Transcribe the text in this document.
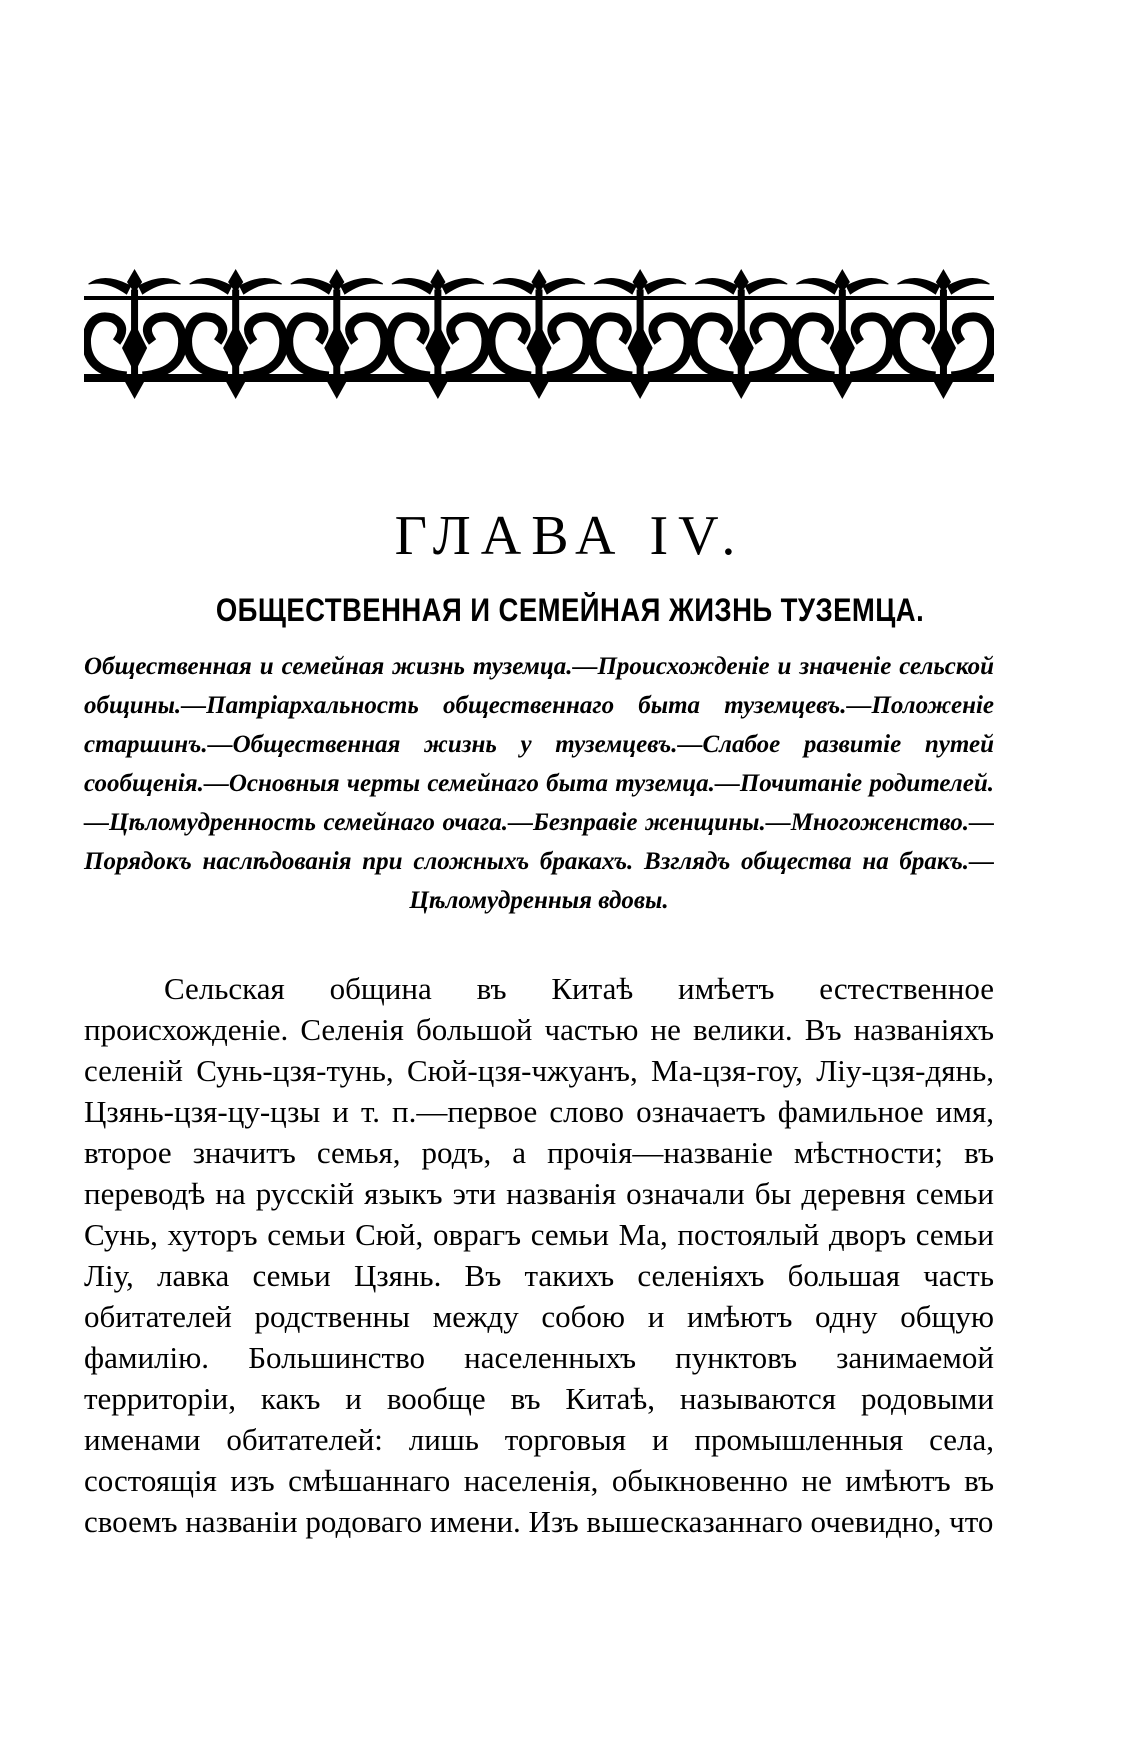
ГЛАВА IV.
ОБЩЕСТВЕННАЯ И СЕМЕЙНАЯ ЖИЗНЬ ТУЗЕМЦА.
Общественная и семейная жизнь туземца.—Происхожденіе и значеніе сельской общины.—Патріархальность общественнаго быта туземцевъ.—Положеніе старшинъ.—Общественная жизнь у туземцевъ.—Слабое развитіе путей сообщенія.—Основныя черты семейнаго быта туземца.—Почитаніе родителей. —Цѣломудренность семейнаго очага.—Безправіе женщины.—Многоженство.—Порядокъ наслѣдованія при сложныхъ бракахъ. Взглядъ общества на бракъ.—Цѣломудренныя вдовы.
Сельская община въ Китаѣ имѣетъ естественное происхожденіе. Селенія большой частью не велики. Въ названіяхъ селеній Сунь-цзя-тунь, Сюй-цзя-чжуанъ, Ма-цзя-гоу, Ліу-цзя-дянь, Цзянь-цзя-цу-цзы и т. п.—первое слово означаетъ фамильное имя, второе значитъ семья, родъ, а прочія—названіе мѣстности; въ переводѣ на русскій языкъ эти названія означали бы деревня семьи Сунь, хуторъ семьи Сюй, оврагъ семьи Ма, постоялый дворъ семьи Ліу, лавка семьи Цзянь. Въ такихъ селеніяхъ большая часть обитателей родственны между собою и имѣютъ одну общую фамилію. Большинство населенныхъ пунктовъ занимаемой территоріи, какъ и вообще въ Китаѣ, называются родовыми именами обитателей: лишь торговыя и промышленныя села, состоящія изъ смѣшаннаго населенія, обыкновенно не имѣютъ въ своемъ названіи родоваго имени. Изъ вышесказаннаго очевидно, что
